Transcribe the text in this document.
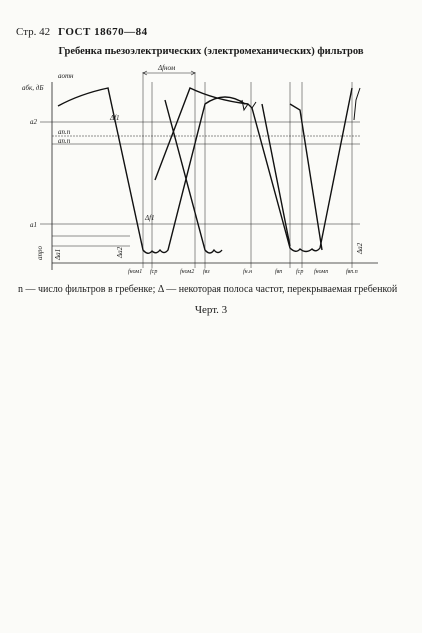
Стр. 42 ГОСТ 18670—84
Гребенка пьезоэлектрических (электромеханических) фильтров
aбк, дБ
aотн
a2
aп.п
aп.п
a1
Δf1
Δf1
Δfном
aпро Δa1	Δa2	Δa2
fном1 fср	fном2 fвз	fн.н	fвп fср fномn	fвп.n
n — число фильтров в гребенке; Δ — некоторая полоса частот, перекрываемая гребенкой
Черт. 3
